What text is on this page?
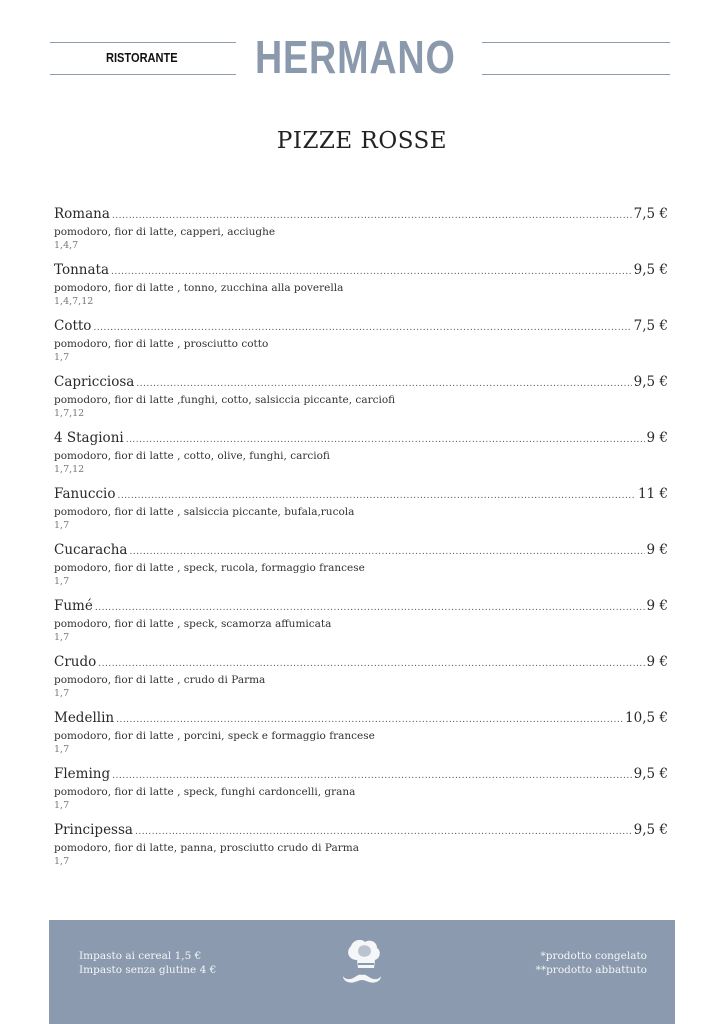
RISTORANTE	HERMANO
PIZZE ROSSE
Romana .....	7,5 €
pomodoro, fior di latte, capperi, acciughe
1,4,7
Tonnata .....	9,5 €
pomodoro, fior di latte , tonno, zucchina alla poverella
1,4,7,12
Cotto .....	7,5 €
pomodoro, fior di latte , prosciutto cotto
1,7
Capricciosa .....	9,5 €
pomodoro, fior di latte ,funghi, cotto, salsiccia piccante, carciofi
1,7,12
4 Stagioni .....	9 €
pomodoro, fior di latte , cotto, olive, funghi, carciofi
1,7,12
Fanuccio .....	11 €
pomodoro, fior di latte , salsiccia piccante, bufala,rucola
1,7
Cucaracha .....	9 €
pomodoro, fior di latte , speck, rucola, formaggio francese
1,7
Fumé .....	9 €
pomodoro, fior di latte , speck, scamorza affumicata
1,7
Crudo .....	9 €
pomodoro, fior di latte , crudo di Parma
1,7
Medellin .....	10,5 €
pomodoro, fior di latte , porcini, speck e formaggio francese
1,7
Fleming .....	9,5 €
pomodoro, fior di latte , speck, funghi cardoncelli, grana
1,7
Principessa .....	9,5 €
pomodoro, fior di latte, panna, prosciutto crudo di Parma
1,7
Impasto ai cereal 1,5 €
Impasto senza glutine 4 €
*prodotto congelato
**prodotto abbattuto
